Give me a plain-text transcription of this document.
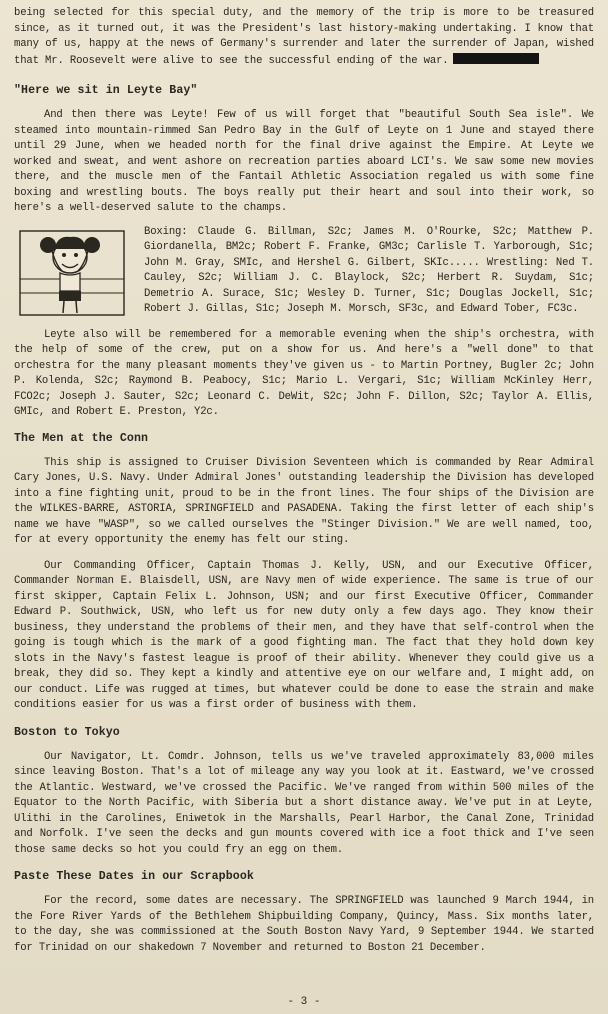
being selected for this special duty, and the memory of the trip is more to be treasured since, as it turned out, it was the President's last history-making undertaking. I know that many of us, happy at the news of Germany's surrender and later the surrender of Japan, wished that Mr. Roosevelt were alive to see the successful ending of the war.

"Here we sit in Leyte Bay"

And then there was Leyte! Few of us will forget that "beautiful South Sea isle". We steamed into mountain-rimmed San Pedro Bay in the Gulf of Leyte on 1 June and stayed there until 29 June, when we headed north for the final drive against the Empire. At Leyte we worked and sweat, and went ashore on recreation parties aboard LCI's. We saw some new movies there, and the muscle men of the Fantail Athletic Association regaled us with some fine boxing and wrestling bouts. The boys really put their heart and soul into their work, so here's a well-deserved salute to the champs.

Boxing: Claude G. Billman, S2c; James M. O'Rourke, S2c; Matthew P. Giordanella, BM2c; Robert F. Franke, GM3c; Carlisle T. Yarborough, S1c; John M. Gray, SMIc, and Hershel G. Gilbert, SKIc..... Wrestling: Ned T. Cauley, S2c; William J. C. Blaylock, S2c; Herbert R. Suydam, S1c; Demetrio A. Surace, S1c; Wesley D. Turner, S1c; Douglas Jockell, S1c; Robert J. Gillas, S1c; Joseph M. Morsch, SF3c, and Edward Tober, FC3c.

Leyte also will be remembered for a memorable evening when the ship's orchestra, with the help of some of the crew, put on a show for us. And here's a "well done" to that orchestra for the many pleasant moments they've given us - to Martin Portney, Bugler 2c; John P. Kolenda, S2c; Raymond B. Peabocy, S1c; Mario L. Vergari, S1c; William McKinley Herr, FCO2c; Joseph J. Sauter, S2c; Leonard C. DeWit, S2c; John F. Dillon, S2c; Taylor A. Ellis, GMIc, and Robert E. Preston, Y2c.

The Men at the Conn

This ship is assigned to Cruiser Division Seventeen which is commanded by Rear Admiral Cary Jones, U.S. Navy. Under Admiral Jones' outstanding leadership the Division has developed into a fine fighting unit, proud to be in the front lines. The four ships of the Division are the WILKES-BARRE, ASTORIA, SPRINGFIELD and PASADENA. Taking the first letter of each ship's name we have "WASP", so we called ourselves the "Stinger Division." We are well named, too, for at every opportunity the enemy has felt our sting.

Our Commanding Officer, Captain Thomas J. Kelly, USN, and our Executive Officer, Commander Norman E. Blaisdell, USN, are Navy men of wide experience. The same is true of our first skipper, Captain Felix L. Johnson, USN; and our first Executive Officer, Commander Edward P. Southwick, USN, who left us for new duty only a few days ago. They know their business, they understand the problems of their men, and they have that self-control when the going is tough which is the mark of a good fighting man. The fact that they hold down key slots in the Navy's fastest league is proof of their ability. Whenever they could give us a break, they did so. They kept a kindly and attentive eye on our welfare and, I might add, on our conduct. Life was rugged at times, but whatever could be done to ease the strain and make conditions easier for us was a first order of business with them.

Boston to Tokyo

Our Navigator, Lt. Comdr. Johnson, tells us we've traveled approximately 83,000 miles since leaving Boston. That's a lot of mileage any way you look at it. Eastward, we've crossed the Atlantic. Westward, we've crossed the Pacific. We've ranged from within 500 miles of the Equator to the North Pacific, with Siberia but a short distance away. We've put in at Leyte, Ulithi in the Carolines, Eniwetok in the Marshalls, Pearl Harbor, the Canal Zone, Trinidad and Norfolk. I've seen the decks and gun mounts covered with ice a foot thick and I've seen those same decks so hot you could fry an egg on them.

Paste These Dates in our Scrapbook

For the record, some dates are necessary. The SPRINGFIELD was launched 9 March 1944, in the Fore River Yards of the Bethlehem Shipbuilding Company, Quincy, Mass. Six months later, to the day, she was commissioned at the South Boston Navy Yard, 9 September 1944. We started for Trinidad on our shakedown 7 November and returned to Boston 21 December.

- 3 -
